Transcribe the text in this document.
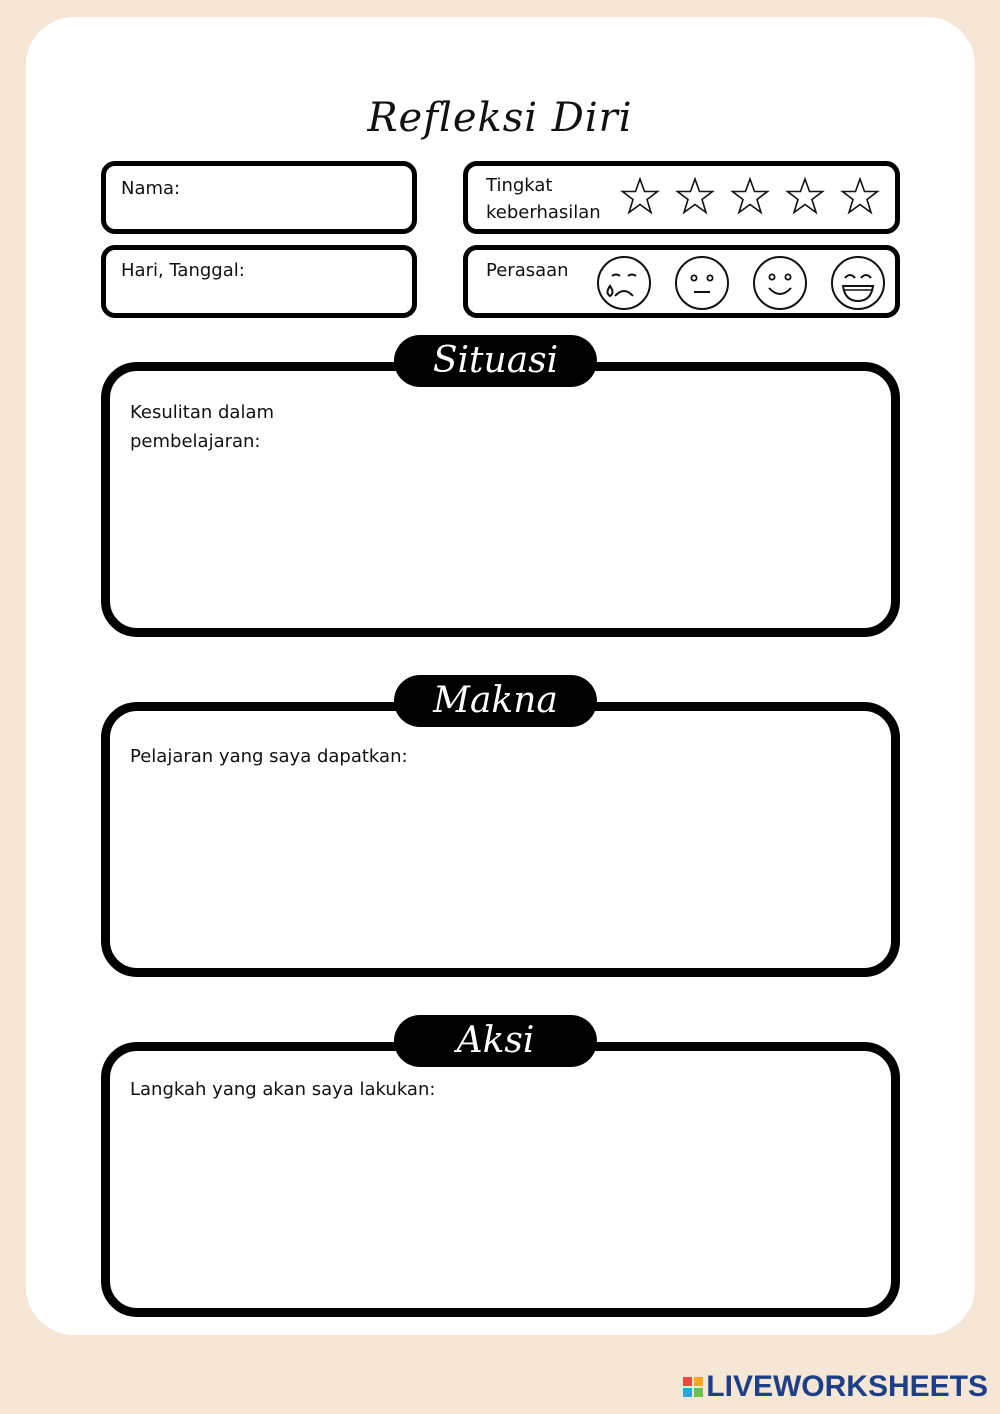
Refleksi Diri
Nama:
Hari, Tanggal:
Tingkat
keberhasilan
Perasaan
Kesulitan dalam
pembelajaran:
Situasi
Pelajaran yang saya dapatkan:
Makna
Langkah yang akan saya lakukan:
Aksi
LIVEWORKSHEETS
